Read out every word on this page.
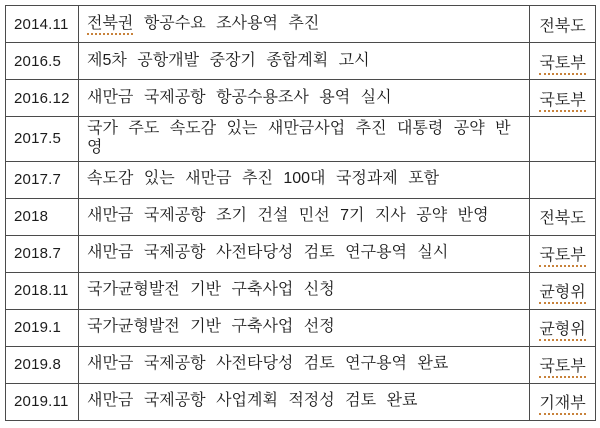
2014.11	전북권 항공수요 조사용역 추진	전북도
2016.5	제5차 공항개발 중장기 종합계획 고시	국토부
2016.12	새만금 국제공항 항공수용조사 용역 실시	국토부
2017.5	국가 주도 속도감 있는 새만금사업 추진 대통령 공약 반영	
2017.7	속도감 있는 새만금 추진 100대 국정과제 포함	
2018	새만금 국제공항 조기 건설 민선 7기 지사 공약 반영	전북도
2018.7	새만금 국제공항 사전타당성 검토 연구용역 실시	국토부
2018.11	국가균형발전 기반 구축사업 신청	균형위
2019.1	국가균형발전 기반 구축사업 선정	균형위
2019.8	새만금 국제공항 사전타당성 검토 연구용역 완료	국토부
2019.11	새만금 국제공항 사업계획 적정성 검토 완료	기재부
